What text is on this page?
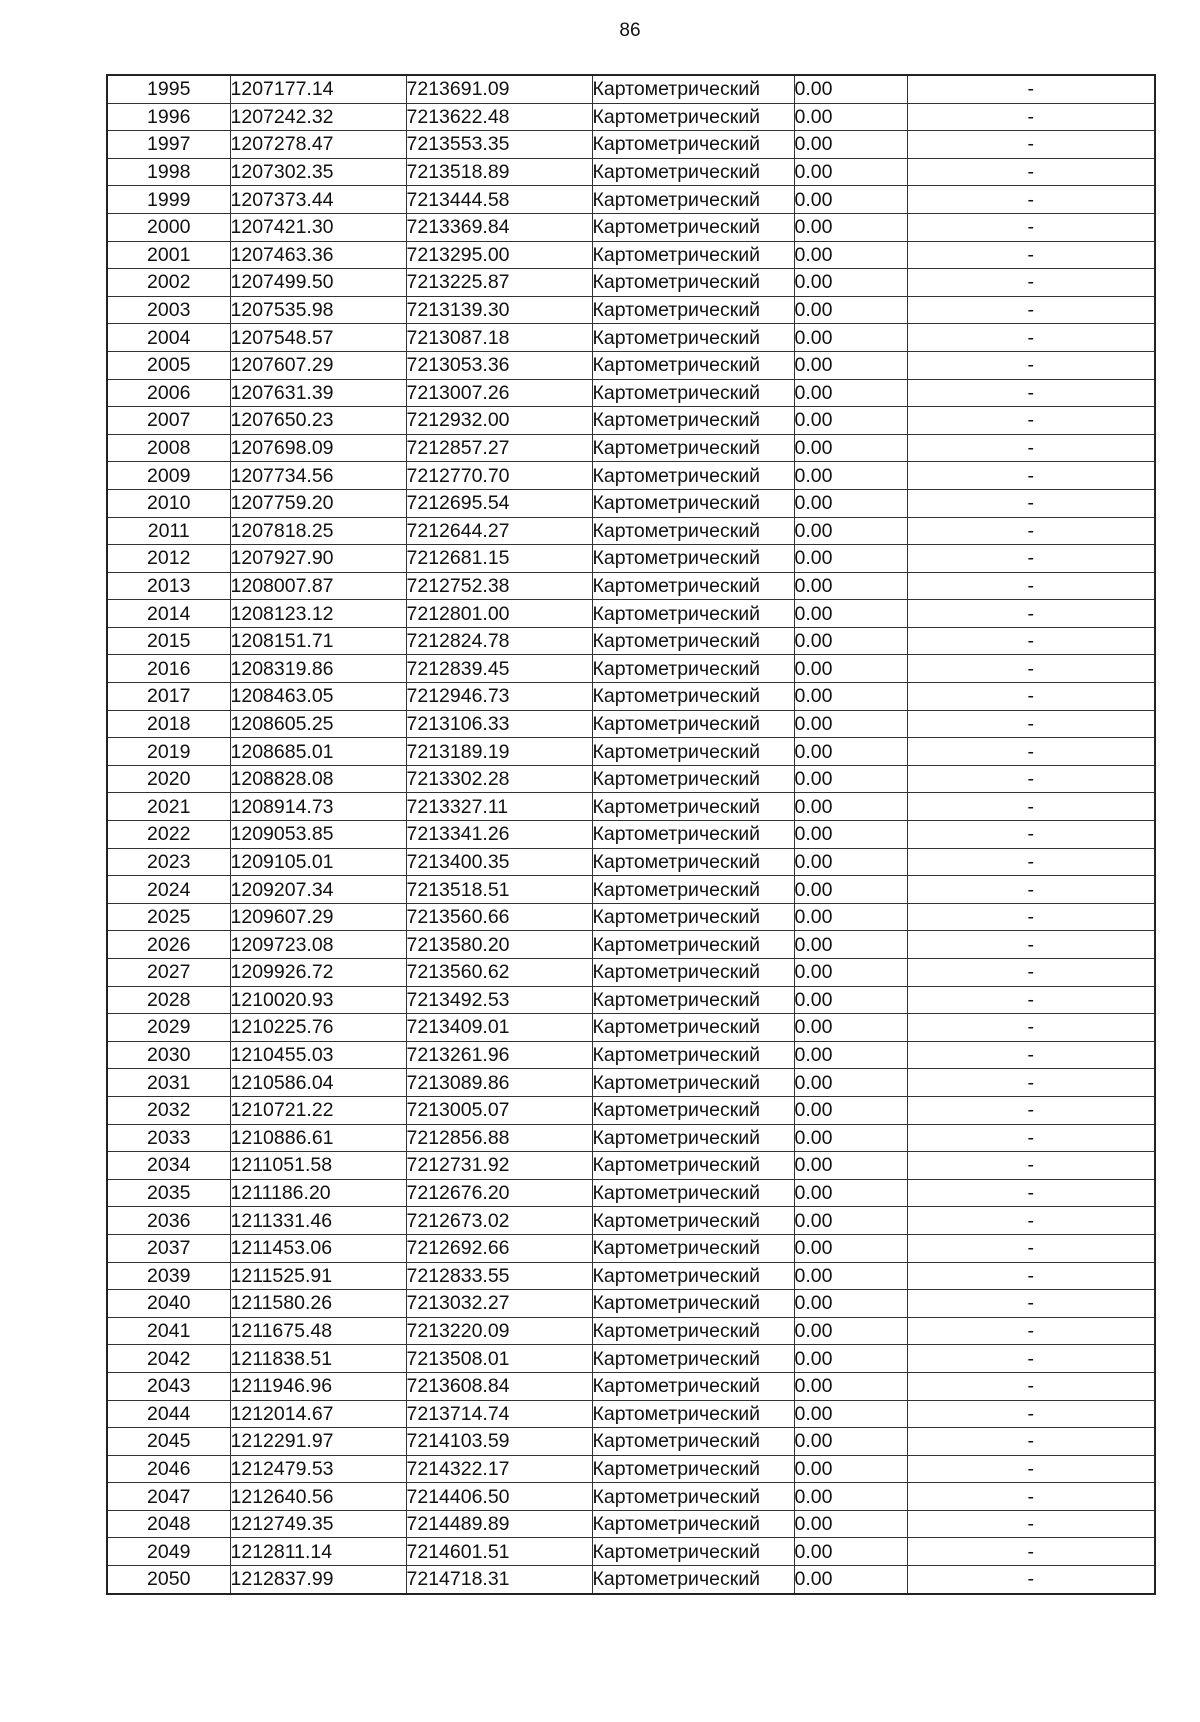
86
1995	1207177.14	7213691.09	Картометрический	0.00	-
1996	1207242.32	7213622.48	Картометрический	0.00	-
1997	1207278.47	7213553.35	Картометрический	0.00	-
1998	1207302.35	7213518.89	Картометрический	0.00	-
1999	1207373.44	7213444.58	Картометрический	0.00	-
2000	1207421.30	7213369.84	Картометрический	0.00	-
2001	1207463.36	7213295.00	Картометрический	0.00	-
2002	1207499.50	7213225.87	Картометрический	0.00	-
2003	1207535.98	7213139.30	Картометрический	0.00	-
2004	1207548.57	7213087.18	Картометрический	0.00	-
2005	1207607.29	7213053.36	Картометрический	0.00	-
2006	1207631.39	7213007.26	Картометрический	0.00	-
2007	1207650.23	7212932.00	Картометрический	0.00	-
2008	1207698.09	7212857.27	Картометрический	0.00	-
2009	1207734.56	7212770.70	Картометрический	0.00	-
2010	1207759.20	7212695.54	Картометрический	0.00	-
2011	1207818.25	7212644.27	Картометрический	0.00	-
2012	1207927.90	7212681.15	Картометрический	0.00	-
2013	1208007.87	7212752.38	Картометрический	0.00	-
2014	1208123.12	7212801.00	Картометрический	0.00	-
2015	1208151.71	7212824.78	Картометрический	0.00	-
2016	1208319.86	7212839.45	Картометрический	0.00	-
2017	1208463.05	7212946.73	Картометрический	0.00	-
2018	1208605.25	7213106.33	Картометрический	0.00	-
2019	1208685.01	7213189.19	Картометрический	0.00	-
2020	1208828.08	7213302.28	Картометрический	0.00	-
2021	1208914.73	7213327.11	Картометрический	0.00	-
2022	1209053.85	7213341.26	Картометрический	0.00	-
2023	1209105.01	7213400.35	Картометрический	0.00	-
2024	1209207.34	7213518.51	Картометрический	0.00	-
2025	1209607.29	7213560.66	Картометрический	0.00	-
2026	1209723.08	7213580.20	Картометрический	0.00	-
2027	1209926.72	7213560.62	Картометрический	0.00	-
2028	1210020.93	7213492.53	Картометрический	0.00	-
2029	1210225.76	7213409.01	Картометрический	0.00	-
2030	1210455.03	7213261.96	Картометрический	0.00	-
2031	1210586.04	7213089.86	Картометрический	0.00	-
2032	1210721.22	7213005.07	Картометрический	0.00	-
2033	1210886.61	7212856.88	Картометрический	0.00	-
2034	1211051.58	7212731.92	Картометрический	0.00	-
2035	1211186.20	7212676.20	Картометрический	0.00	-
2036	1211331.46	7212673.02	Картометрический	0.00	-
2037	1211453.06	7212692.66	Картометрический	0.00	-
2039	1211525.91	7212833.55	Картометрический	0.00	-
2040	1211580.26	7213032.27	Картометрический	0.00	-
2041	1211675.48	7213220.09	Картометрический	0.00	-
2042	1211838.51	7213508.01	Картометрический	0.00	-
2043	1211946.96	7213608.84	Картометрический	0.00	-
2044	1212014.67	7213714.74	Картометрический	0.00	-
2045	1212291.97	7214103.59	Картометрический	0.00	-
2046	1212479.53	7214322.17	Картометрический	0.00	-
2047	1212640.56	7214406.50	Картометрический	0.00	-
2048	1212749.35	7214489.89	Картометрический	0.00	-
2049	1212811.14	7214601.51	Картометрический	0.00	-
2050	1212837.99	7214718.31	Картометрический	0.00	-
